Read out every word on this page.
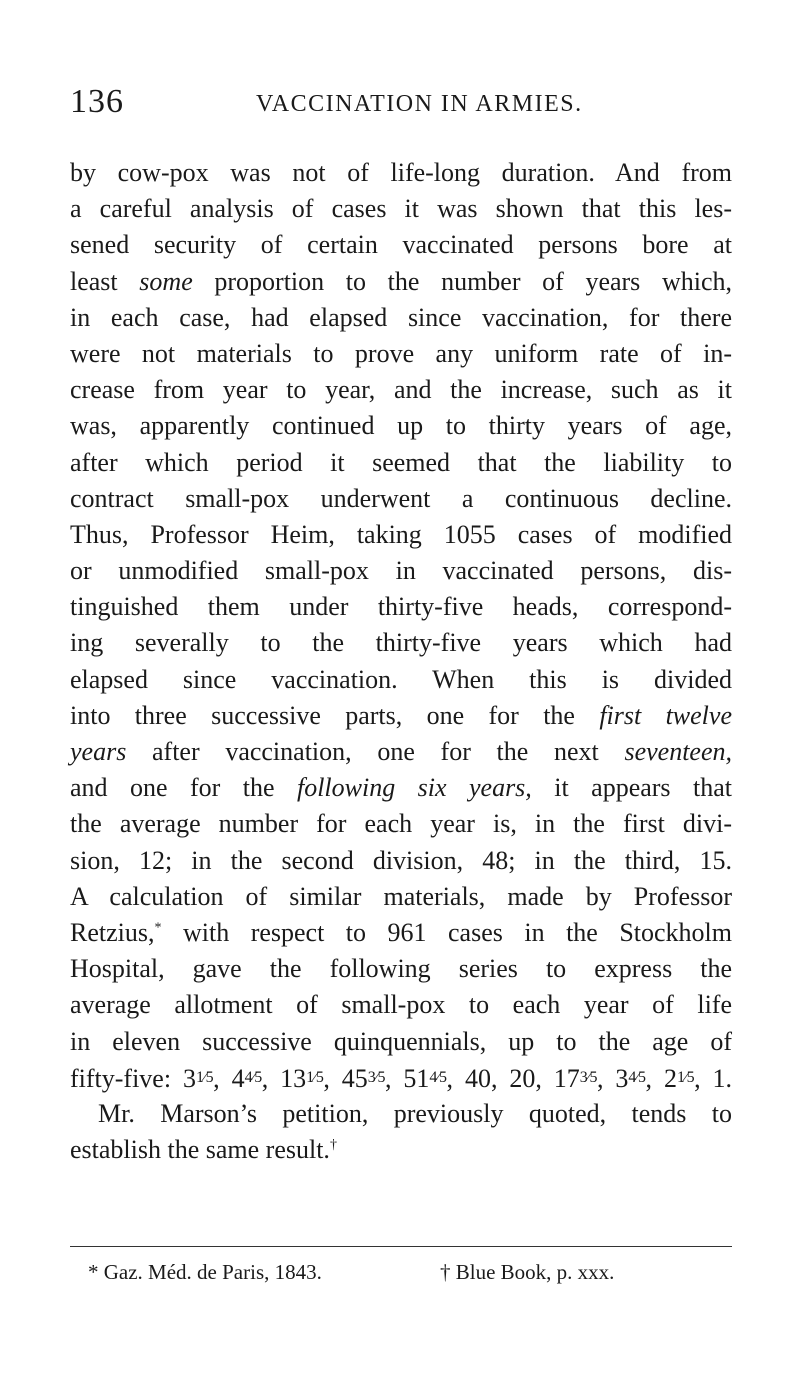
136	VACCINATION IN ARMIES.
by cow-pox was not of life-long duration. And from
a careful analysis of cases it was shown that this les-
sened security of certain vaccinated persons bore at
least some proportion to the number of years which,
in each case, had elapsed since vaccination, for there
were not materials to prove any uniform rate of in-
crease from year to year, and the increase, such as it
was, apparently continued up to thirty years of age,
after which period it seemed that the liability to
contract small-pox underwent a continuous decline.
Thus, Professor Heim, taking 1055 cases of modified
or unmodified small-pox in vaccinated persons, dis-
tinguished them under thirty-five heads, correspond-
ing severally to the thirty-five years which had
elapsed since vaccination. When this is divided
into three successive parts, one for the first twelve
years after vaccination, one for the next seventeen,
and one for the following six years, it appears that
the average number for each year is, in the first divi-
sion, 12; in the second division, 48; in the third, 15.
A calculation of similar materials, made by Professor
Retzius,* with respect to 961 cases in the Stockholm
Hospital, gave the following series to express the
average allotment of small-pox to each year of life
in eleven successive quinquennials, up to the age of
fifty-five: 31⁄5, 44⁄5, 131⁄5, 453⁄5, 514⁄5, 40, 20, 173⁄5, 34⁄5, 21⁄5, 1.
Mr. Marson’s petition, previously quoted, tends to
establish the same result.†
* Gaz. Méd. de Paris, 1843.	† Blue Book, p. xxx.
